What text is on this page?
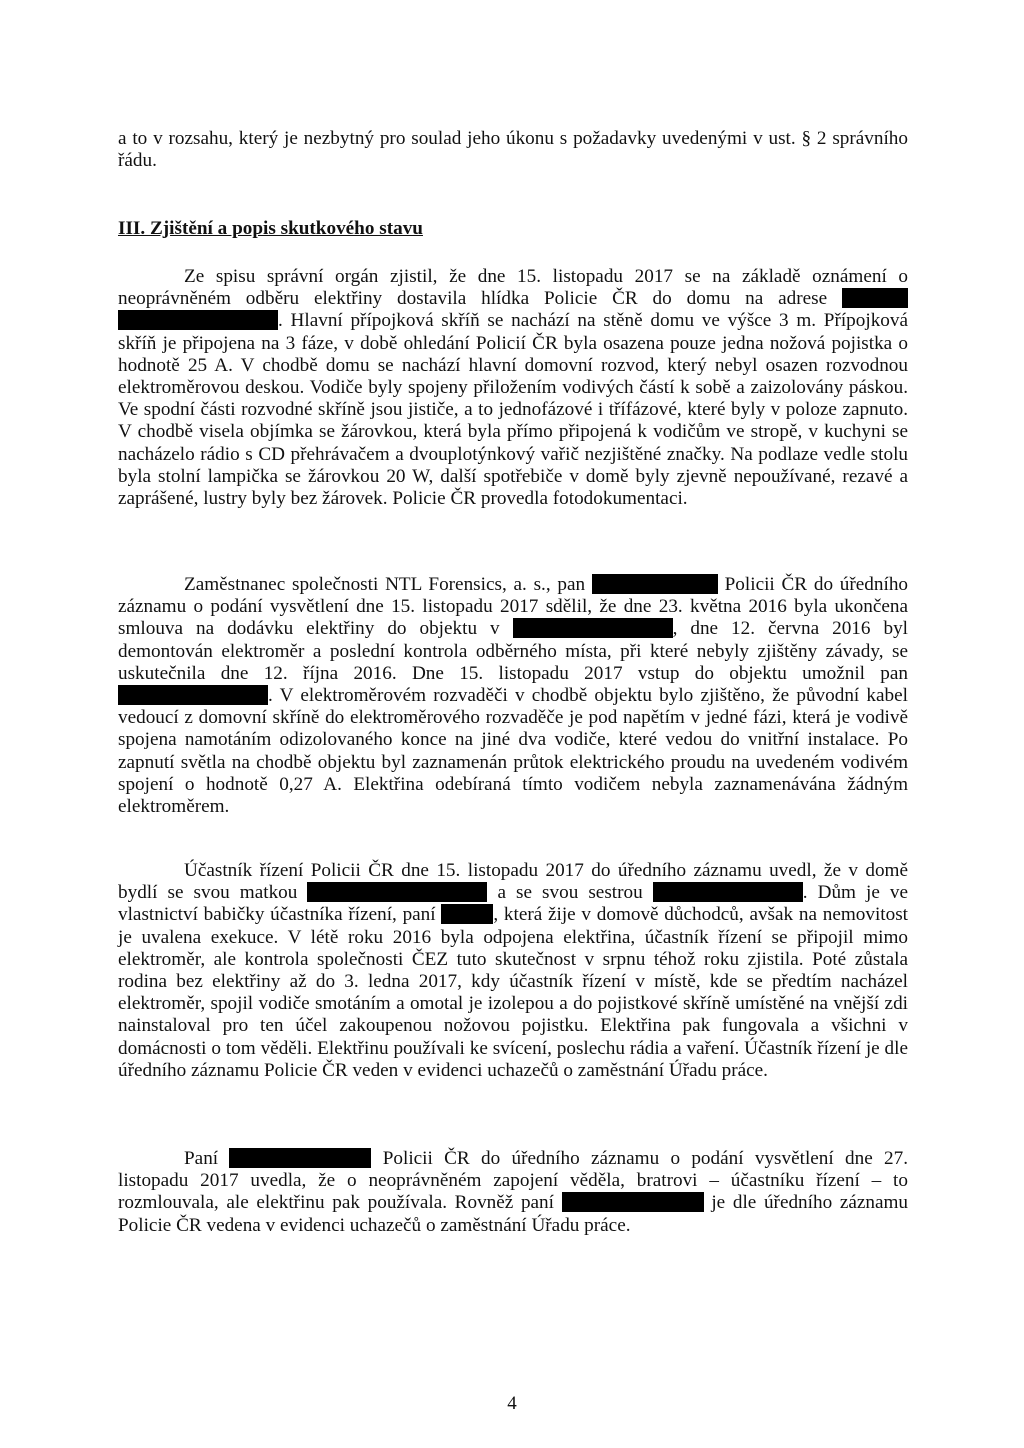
a to v rozsahu, který je nezbytný pro soulad jeho úkonu s požadavky uvedenými v ust. § 2 správního řádu.

III. Zjištění a popis skutkového stavu

Ze spisu správní orgán zjistil, že dne 15. listopadu 2017 se na základě oznámení o neoprávněném odběru elektřiny dostavila hlídka Policie ČR do domu na adrese  . Hlavní přípojková skříň se nachází na stěně domu ve výšce 3 m. Přípojková skříň je připojena na 3 fáze, v době ohledání Policií ČR byla osazena pouze jedna nožová pojistka o hodnotě 25 A. V chodbě domu se nachází hlavní domovní rozvod, který nebyl osazen rozvodnou elektroměrovou deskou. Vodiče byly spojeny přiložením vodivých částí k sobě a zaizolovány páskou. Ve spodní části rozvodné skříně jsou jističe, a to jednofázové i třífázové, které byly v poloze zapnuto. V chodbě visela objímka se žárovkou, která byla přímo připojená k vodičům ve stropě, v kuchyni se nacházelo rádio s CD přehrávačem a dvouplotýnkový vařič nezjištěné značky. Na podlaze vedle stolu byla stolní lampička se žárovkou 20 W, další spotřebiče v domě byly zjevně nepoužívané, rezavé a zaprášené, lustry byly bez žárovek. Policie ČR provedla fotodokumentaci.

Zaměstnanec společnosti NTL Forensics, a. s., pan	Policii ČR do úředního záznamu o podání vysvětlení dne 15. listopadu 2017 sdělil, že dne 23. května 2016 byla ukončena smlouva na dodávku elektřiny do objektu v	, dne 12. června 2016 byl demontován elektroměr a poslední kontrola odběrného místa, při které nebyly zjištěny závady, se uskutečnila dne 12. října 2016. Dne 15. listopadu 2017 vstup do objektu umožnil pan . V elektroměrovém rozvaděči v chodbě objektu bylo zjištěno, že původní kabel vedoucí z domovní skříně do elektroměrového rozvaděče je pod napětím v jedné fázi, která je vodivě spojena namotáním odizolovaného konce na jiné dva vodiče, které vedou do vnitřní instalace. Po zapnutí světla na chodbě objektu byl zaznamenán průtok elektrického proudu na uvedeném vodivém spojení o hodnotě 0,27 A. Elektřina odebíraná tímto vodičem nebyla zaznamenávána žádným elektroměrem.

Účastník řízení Policii ČR dne 15. listopadu 2017 do úředního záznamu uvedl, že v domě bydlí se svou matkou	a se svou sestrou	. Dům je ve vlastnictví babičky účastníka řízení, paní	, která žije v domově důchodců, avšak na nemovitost je uvalena exekuce. V létě roku 2016 byla odpojena elektřina, účastník řízení se připojil mimo elektroměr, ale kontrola společnosti ČEZ tuto skutečnost v srpnu téhož roku zjistila. Poté zůstala rodina bez elektřiny až do 3. ledna 2017, kdy účastník řízení v místě, kde se předtím nacházel elektroměr, spojil vodiče smotáním a omotal je izolepou a do pojistkové skříně umístěné na vnější zdi nainstaloval pro ten účel zakoupenou nožovou pojistku. Elektřina pak fungovala a všichni v domácnosti o tom věděli. Elektřinu používali ke svícení, poslechu rádia a vaření. Účastník řízení je dle úředního záznamu Policie ČR veden v evidenci uchazečů o zaměstnání Úřadu práce.

Paní	Policii ČR do úředního záznamu o podání vysvětlení dne 27. listopadu 2017 uvedla, že o neoprávněném zapojení věděla, bratrovi – účastníku řízení – to rozmlouvala, ale elektřinu pak používala. Rovněž paní	je dle úředního záznamu Policie ČR vedena v evidenci uchazečů o zaměstnání Úřadu práce.

4
